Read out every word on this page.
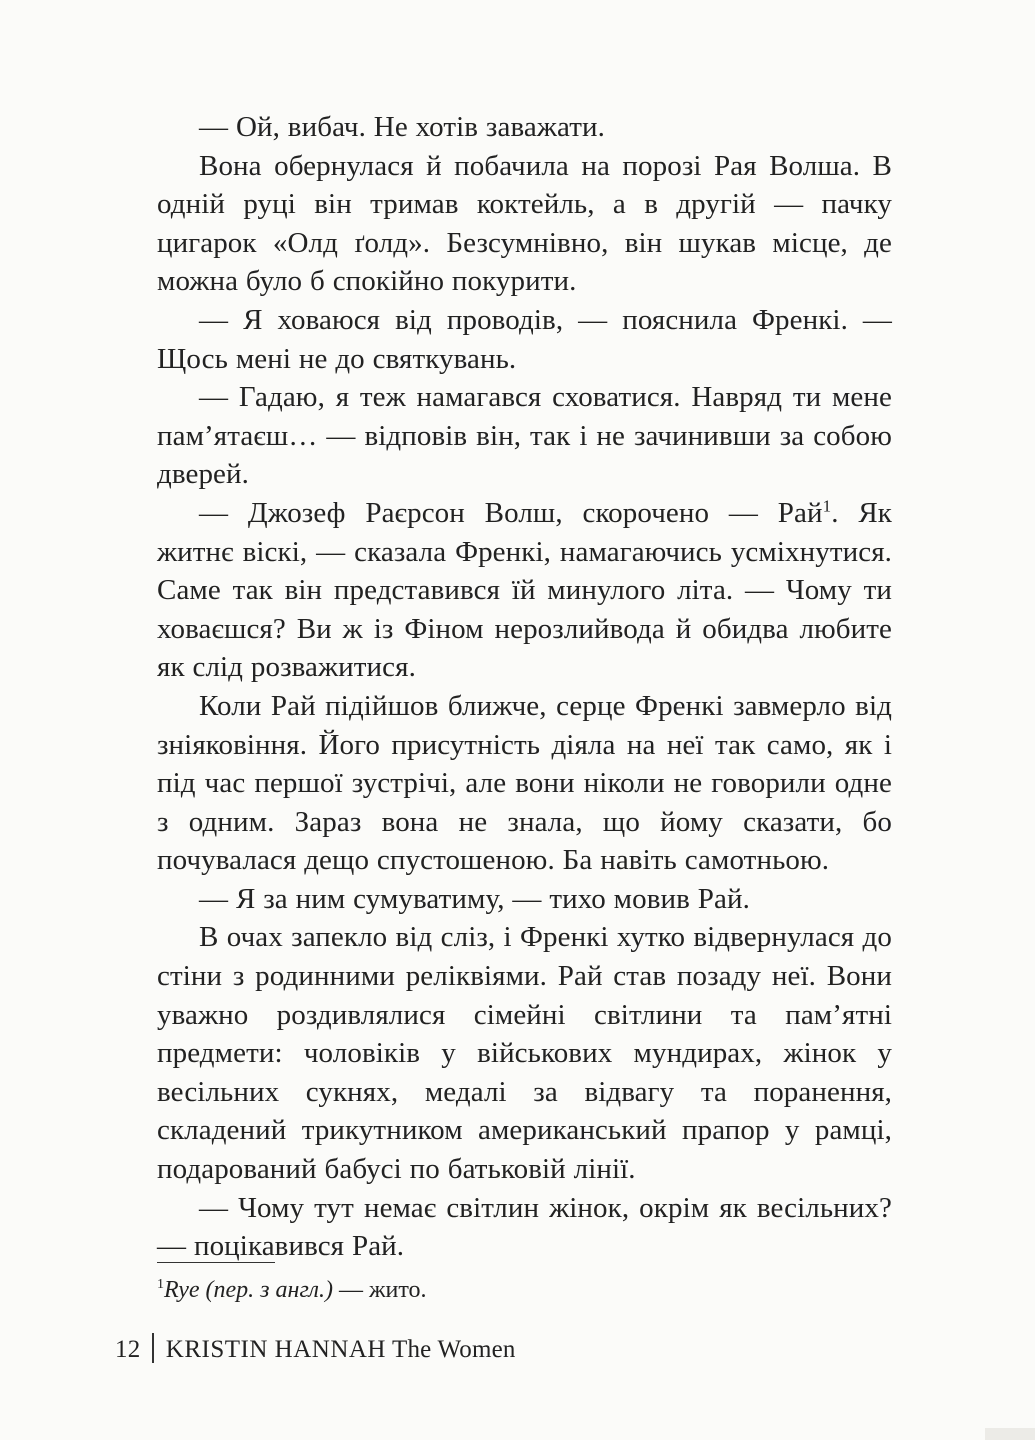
— Ой, вибач. Не хотів заважати.

Вона обернулася й побачила на порозі Рая Волша. В одній руці він тримав коктейль, а в другій — пачку цигарок «Олд ґолд». Безсумнівно, він шукав місце, де можна було б спокійно покурити.

— Я ховаюся від проводів, — пояснила Френкі. — Щось мені не до святкувань.

— Гадаю, я теж намагався сховатися. Навряд ти мене пам’ятаєш… — відповів він, так і не зачинивши за собою дверей.

— Джозеф Раєрсон Волш, скорочено — Рай$^1$. Як житнє віскі, — сказала Френкі, намагаючись усміхнутися. Саме так він представився їй минулого літа. — Чому ти ховаєшся? Ви ж із Фіном нерозлийвода й обидва любите як слід розважитися.

Коли Рай підійшов ближче, серце Френкі завмерло від зніяковіння. Його присутність діяла на неї так само, як і під час першої зустрічі, але вони ніколи не говорили одне з одним. Зараз вона не знала, що йому сказати, бо почувалася дещо спустошеною. Ба навіть самотньою.

— Я за ним сумуватиму, — тихо мовив Рай.

В очах запекло від сліз, і Френкі хутко відвернулася до стіни з родинними реліквіями. Рай став позаду неї. Вони уважно роздивлялися сімейні світлини та пам’ятні предмети: чоловіків у військових мундирах, жінок у весільних сукнях, медалі за відвагу та поранення, складений трикутником американський прапор у рамці, подарований бабусі по батьковій лінії.

— Чому тут немає світлин жінок, окрім як весільних? — поцікавився Рай.

$^1$Rye (пер. з англ.) — жито.
12 KRISTIN HANNAH The Women
